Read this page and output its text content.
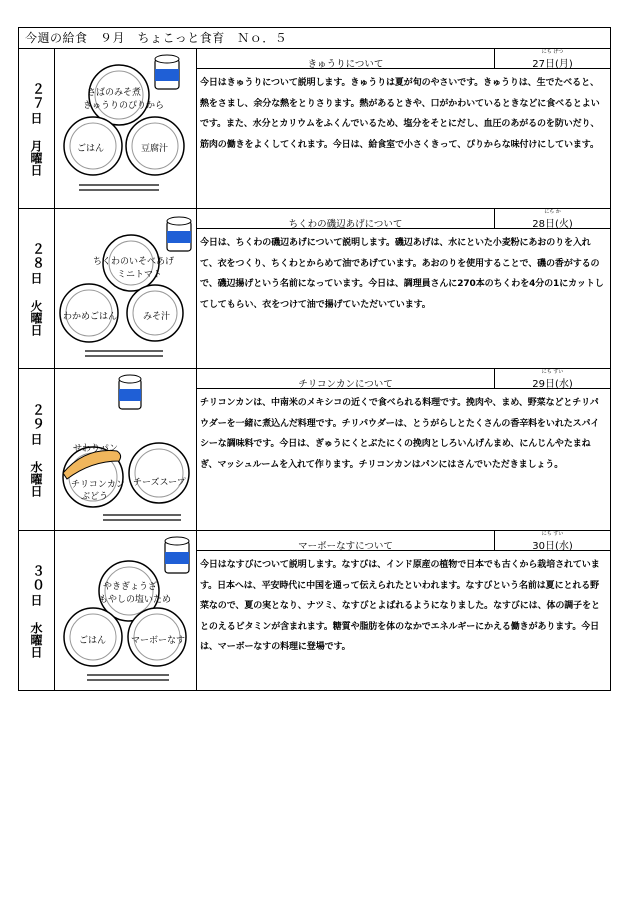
今週の給食　９月　ちょこっと食育　Ｎｏ．５
２７
日
月曜日
さばのみそ煮
きゅうりのぴりから
ごはん	豆腐汁
きゅうりについて
にち げつ
27日(月)
今日はきゅうりについて説明します。きゅうりは夏が旬のやさいです。きゅうりは、生でたべると、熱をさまし、余分な熱をとりさります。熱があるときや、口がかわいているときなどに食べるとよいです。また、水分とカリウムをふくんでいるため、塩分をそとにだし、血圧のあがるのを防いだり、筋肉の働きをよくしてくれます。今日は、給食室で小さくきって、ぴりからな味付けにしています。
２８
日
火曜日
ちくわのいそべあげ
ミニトマト
わかめごはん	みそ汁
ちくわの磯辺あげについて
にち か
28日(火)
今日は、ちくわの磯辺あげについて説明します。磯辺あげは、水にといた小麦粉にあおのりを入れて、衣をつくり、ちくわとからめて油であげています。あおのりを使用することで、磯の香がするので、磯辺揚げという名前になっています。今日は、調理員さんに270本のちくわを4分の1にカットしてしてもらい、衣をつけて油で揚げていただいています。
２９
日
水曜日
せわりパン
チリコンカン
ぶどう
チーズスープ
チリコンカンについて
にち すい
29日(水)
チリコンカンは、中南米のメキシコの近くで食べられる料理です。挽肉や、まめ、野菜などとチリパウダーを一緒に煮込んだ料理です。チリパウダーは、とうがらしとたくさんの香辛料をいれたスパイシーな調味料です。今日は、ぎゅうにくとぶたにくの挽肉としろいんげんまめ、にんじんやたまねぎ、マッシュルームを入れて作ります。チリコンカンはパンにはさんでいただきましょう。
３０
日
水曜日
やきぎょうざ
もやしの塩いため
ごはん	マーボーなす
マーボーなすについて
にち すい
30日(水)
今日はなすびについて説明します。なすびは、インド原産の植物で日本でも古くから栽培されています。日本へは、平安時代に中国を通って伝えられたといわれます。なすびという名前は夏にとれる野菜なので、夏の実となり、ナツミ、なすびとよばれるようになりました。なすびには、体の調子をととのえるビタミンが含まれます。糖質や脂肪を体のなかでエネルギーにかえる働きがあります。今日は、マーボーなすの料理に登場です。
